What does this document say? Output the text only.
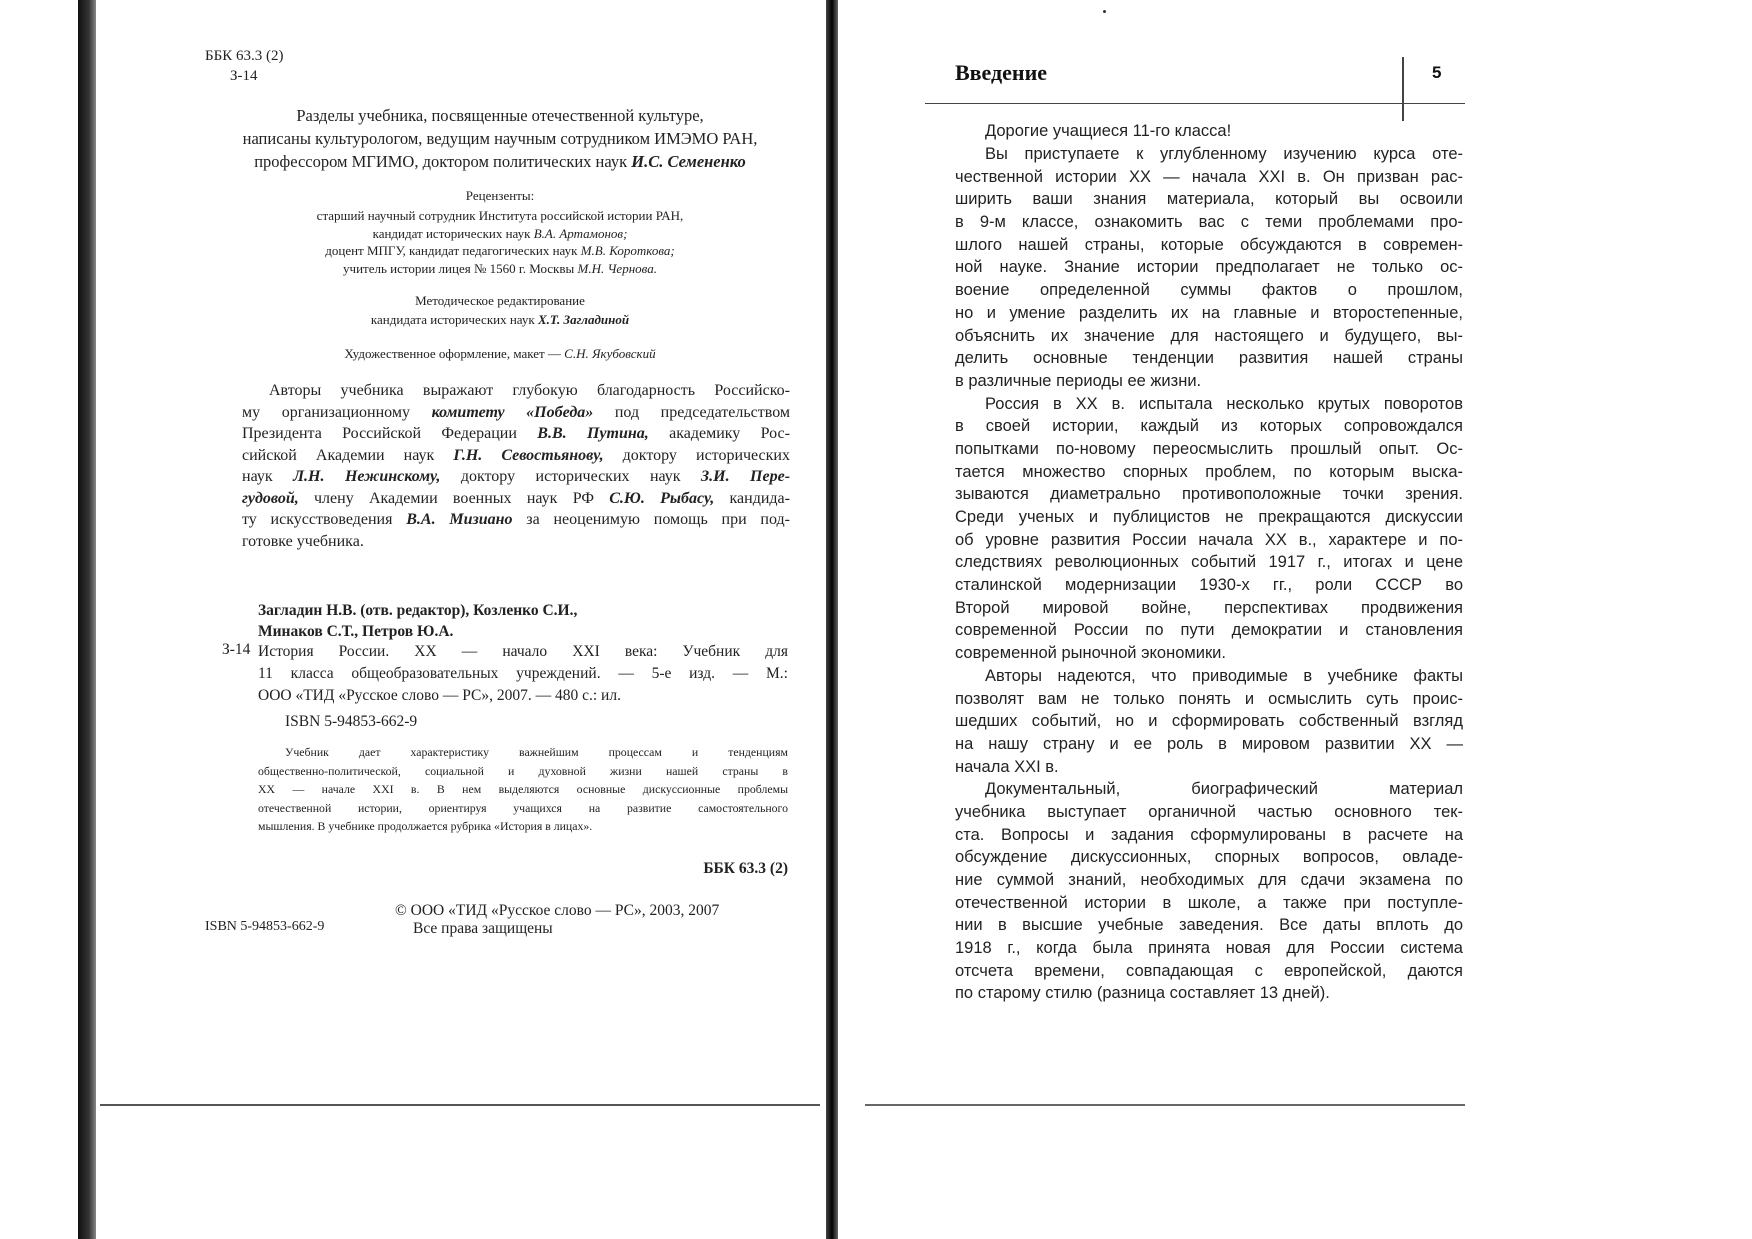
ББК 63.3 (2)
З-14
Разделы учебника, посвященные отечественной культуре,
написаны культурологом, ведущим научным сотрудником ИМЭМО РАН,
профессором МГИМО, доктором политических наук И.С. Семененко
Рецензенты:
старший научный сотрудник Института российской истории РАН,
кандидат исторических наук В.А. Артамонов;
доцент МПГУ, кандидат педагогических наук М.В. Короткова;
учитель истории лицея № 1560 г. Москвы М.Н. Чернова.
Методическое редактирование
кандидата исторических наук Х.Т. Загладиной
Художественное оформление, макет — С.Н. Якубовский
Авторы учебника выражают глубокую благодарность Российско-
му организационному комитету «Победа» под председательством
Президента Российской Федерации В.В. Путина, академику Рос-
сийской Академии наук Г.Н. Севостьянову, доктору исторических
наук Л.Н. Нежинскому, доктору исторических наук З.И. Пере-
гудовой, члену Академии военных наук РФ С.Ю. Рыбасу, кандида-
ту искусствоведения В.А. Мизиано за неоценимую помощь при под-
готовке учебника.
Загладин Н.В. (отв. редактор), Козленко С.И.,
Минаков С.Т., Петров Ю.А.
З-14 История России. XX — начало XXI века: Учебник для
11 класса общеобразовательных учреждений. — 5-е изд. — М.:
ООО «ТИД «Русское слово — РС», 2007. — 480 с.: ил.
ISBN 5-94853-662-9
Учебник дает характеристику важнейшим процессам и тенденциям
общественно-политической, социальной и духовной жизни нашей страны в
XX — начале XXI в. В нем выделяются основные дискуссионные проблемы
отечественной истории, ориентируя учащихся на развитие самостоятельного
мышления. В учебнике продолжается рубрика «История в лицах».
ББК 63.3 (2)
ISBN 5-94853-662-9
© ООО «ТИД «Русское слово — РС», 2003, 2007
Все права защищены
Введение	5
Дорогие учащиеся 11-го класса!
Вы приступаете к углубленному изучению курса оте-
чественной истории XX — начала XXI в. Он призван рас-
ширить ваши знания материала, который вы освоили
в 9-м классе, ознакомить вас с теми проблемами про-
шлого нашей страны, которые обсуждаются в современ-
ной науке. Знание истории предполагает не только ос-
воение определенной суммы фактов о прошлом,
но и умение разделить их на главные и второстепенные,
объяснить их значение для настоящего и будущего, вы-
делить основные тенденции развития нашей страны
в различные периоды ее жизни.
Россия в XX в. испытала несколько крутых поворотов
в своей истории, каждый из которых сопровождался
попытками по-новому переосмыслить прошлый опыт. Ос-
тается множество спорных проблем, по которым выска-
зываются диаметрально противоположные точки зрения.
Среди ученых и публицистов не прекращаются дискуссии
об уровне развития России начала XX в., характере и по-
следствиях революционных событий 1917 г., итогах и цене
сталинской модернизации 1930-х гг., роли СССР во
Второй мировой войне, перспективах продвижения
современной России по пути демократии и становления
современной рыночной экономики.
Авторы надеются, что приводимые в учебнике факты
позволят вам не только понять и осмыслить суть проис-
шедших событий, но и сформировать собственный взгляд
на нашу страну и ее роль в мировом развитии XX —
начала XXI в.
Документальный, биографический материал
учебника выступает органичной частью основного тек-
ста. Вопросы и задания сформулированы в расчете на
обсуждение дискуссионных, спорных вопросов, овладе-
ние суммой знаний, необходимых для сдачи экзамена по
отечественной истории в школе, а также при поступле-
нии в высшие учебные заведения. Все даты вплоть до
1918 г., когда была принята новая для России система
отсчета времени, совпадающая с европейской, даются
по старому стилю (разница составляет 13 дней).
